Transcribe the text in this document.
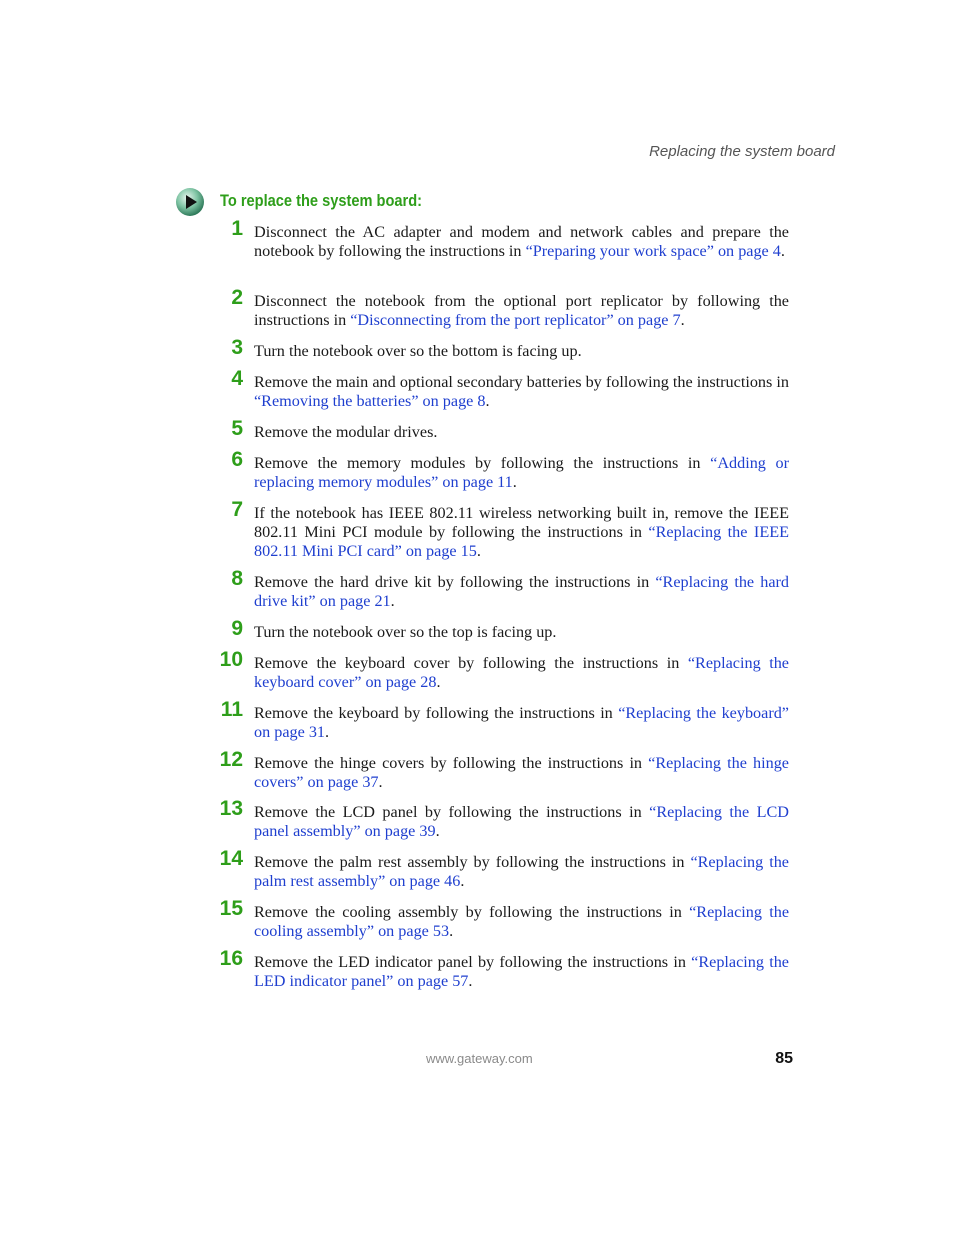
Replacing the system board
To replace the system board:
1 Disconnect the AC adapter and modem and network cables and prepare the notebook by following the instructions in “Preparing your work space” on page 4.
2 Disconnect the notebook from the optional port replicator by following the instructions in “Disconnecting from the port replicator” on page 7.
3 Turn the notebook over so the bottom is facing up.
4 Remove the main and optional secondary batteries by following the instructions in “Removing the batteries” on page 8.
5 Remove the modular drives.
6 Remove the memory modules by following the instructions in “Adding or replacing memory modules” on page 11.
7 If the notebook has IEEE 802.11 wireless networking built in, remove the IEEE 802.11 Mini PCI module by following the instructions in “Replacing the IEEE 802.11 Mini PCI card” on page 15.
8 Remove the hard drive kit by following the instructions in “Replacing the hard drive kit” on page 21.
9 Turn the notebook over so the top is facing up.
10 Remove the keyboard cover by following the instructions in “Replacing the keyboard cover” on page 28.
11 Remove the keyboard by following the instructions in “Replacing the keyboard” on page 31.
12 Remove the hinge covers by following the instructions in “Replacing the hinge covers” on page 37.
13 Remove the LCD panel by following the instructions in “Replacing the LCD panel assembly” on page 39.
14 Remove the palm rest assembly by following the instructions in “Replacing the palm rest assembly” on page 46.
15 Remove the cooling assembly by following the instructions in “Replacing the cooling assembly” on page 53.
16 Remove the LED indicator panel by following the instructions in “Replacing the LED indicator panel” on page 57.
www.gateway.com	85
